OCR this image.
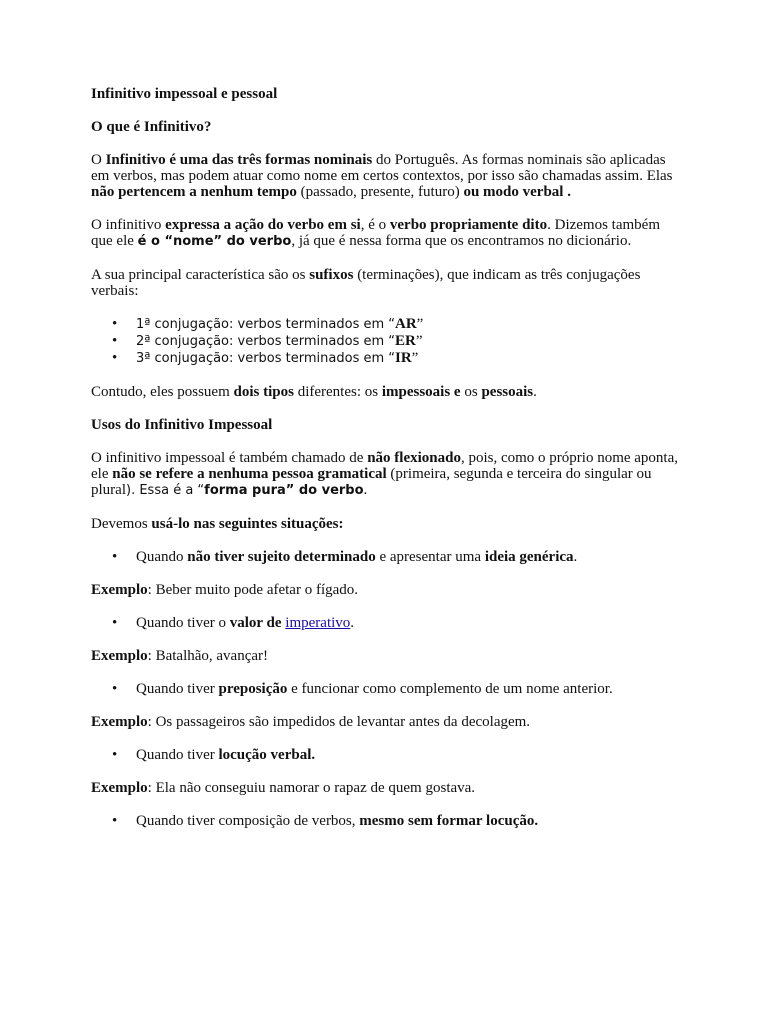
Infinitivo impessoal e pessoal

O que é Infinitivo?

O Infinitivo é uma das três formas nominais do Português. As formas nominais são aplicadas em verbos, mas podem atuar como nome em certos contextos, por isso são chamadas assim. Elas não pertencem a nenhum tempo (passado, presente, futuro) ou modo verbal .

O infinitivo expressa a ação do verbo em si, é o verbo propriamente dito. Dizemos também que ele é o “nome” do verbo, já que é nessa forma que os encontramos no dicionário.

A sua principal característica são os sufixos (terminações), que indicam as três conjugações verbais:

• 1ª conjugação: verbos terminados em “AR”
• 2ª conjugação: verbos terminados em “ER”
• 3ª conjugação: verbos terminados em “IR”

Contudo, eles possuem dois tipos diferentes: os impessoais e os pessoais.

Usos do Infinitivo Impessoal

O infinitivo impessoal é também chamado de não flexionado, pois, como o próprio nome aponta, ele não se refere a nenhuma pessoa gramatical (primeira, segunda e terceira do singular ou plural). Essa é a “forma pura” do verbo.

Devemos usá-lo nas seguintes situações:

• Quando não tiver sujeito determinado e apresentar uma ideia genérica.

Exemplo: Beber muito pode afetar o fígado.

• Quando tiver o valor de imperativo.

Exemplo: Batalhão, avançar!

• Quando tiver preposição e funcionar como complemento de um nome anterior.

Exemplo: Os passageiros são impedidos de levantar antes da decolagem.

• Quando tiver locução verbal.

Exemplo: Ela não conseguiu namorar o rapaz de quem gostava.

• Quando tiver composição de verbos, mesmo sem formar locução.
